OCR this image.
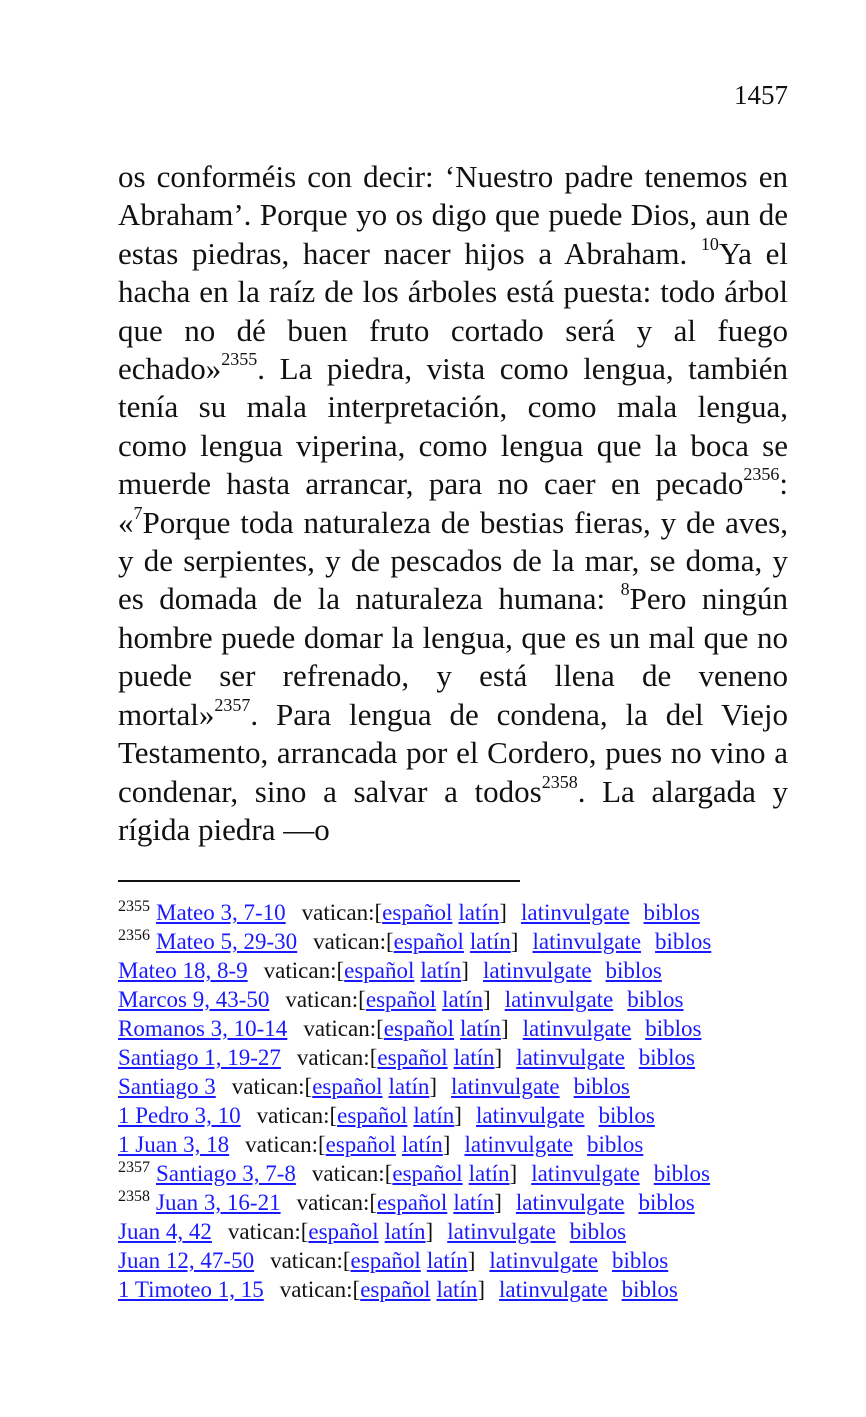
1457

os conforméis con decir: ‘Nuestro padre tenemos en Abraham’. Porque yo os digo que puede Dios, aun de estas piedras, hacer nacer hijos a Abraham. $^{10}$Ya el hacha en la raíz de los árboles está puesta: todo árbol que no dé buen fruto cortado será y al fuego echado»$^{2355}$. La piedra, vista como lengua, también tenía su mala interpretación, como mala lengua, como lengua viperina, como lengua que la boca se muerde hasta arrancar, para no caer en pecado$^{2356}$: «$^7$Porque toda naturaleza de bestias fieras, y de aves, y de serpientes, y de pescados de la mar, se doma, y es domada de la naturaleza humana: $^8$Pero ningún hombre puede domar la lengua, que es un mal que no puede ser refrenado, y está llena de veneno mortal»$^{2357}$. Para lengua de condena, la del Viejo Testamento, arrancada por el Cordero, pues no vino a condenar, sino a salvar a todos$^{2358}$. La alargada y rígida piedra —o

$^{2355}$ Mateo 3, 7-10 vatican:[español latín] latinvulgate biblos
$^{2356}$ Mateo 5, 29-30 vatican:[español latín] latinvulgate biblos
Mateo 18, 8-9 vatican:[español latín] latinvulgate biblos
Marcos 9, 43-50 vatican:[español latín] latinvulgate biblos
Romanos 3, 10-14 vatican:[español latín] latinvulgate biblos
Santiago 1, 19-27 vatican:[español latín] latinvulgate biblos
Santiago 3 vatican:[español latín] latinvulgate biblos
1 Pedro 3, 10 vatican:[español latín] latinvulgate biblos
1 Juan 3, 18 vatican:[español latín] latinvulgate biblos
$^{2357}$ Santiago 3, 7-8 vatican:[español latín] latinvulgate biblos
$^{2358}$ Juan 3, 16-21 vatican:[español latín] latinvulgate biblos
Juan 4, 42 vatican:[español latín] latinvulgate biblos
Juan 12, 47-50 vatican:[español latín] latinvulgate biblos
1 Timoteo 1, 15 vatican:[español latín] latinvulgate biblos
